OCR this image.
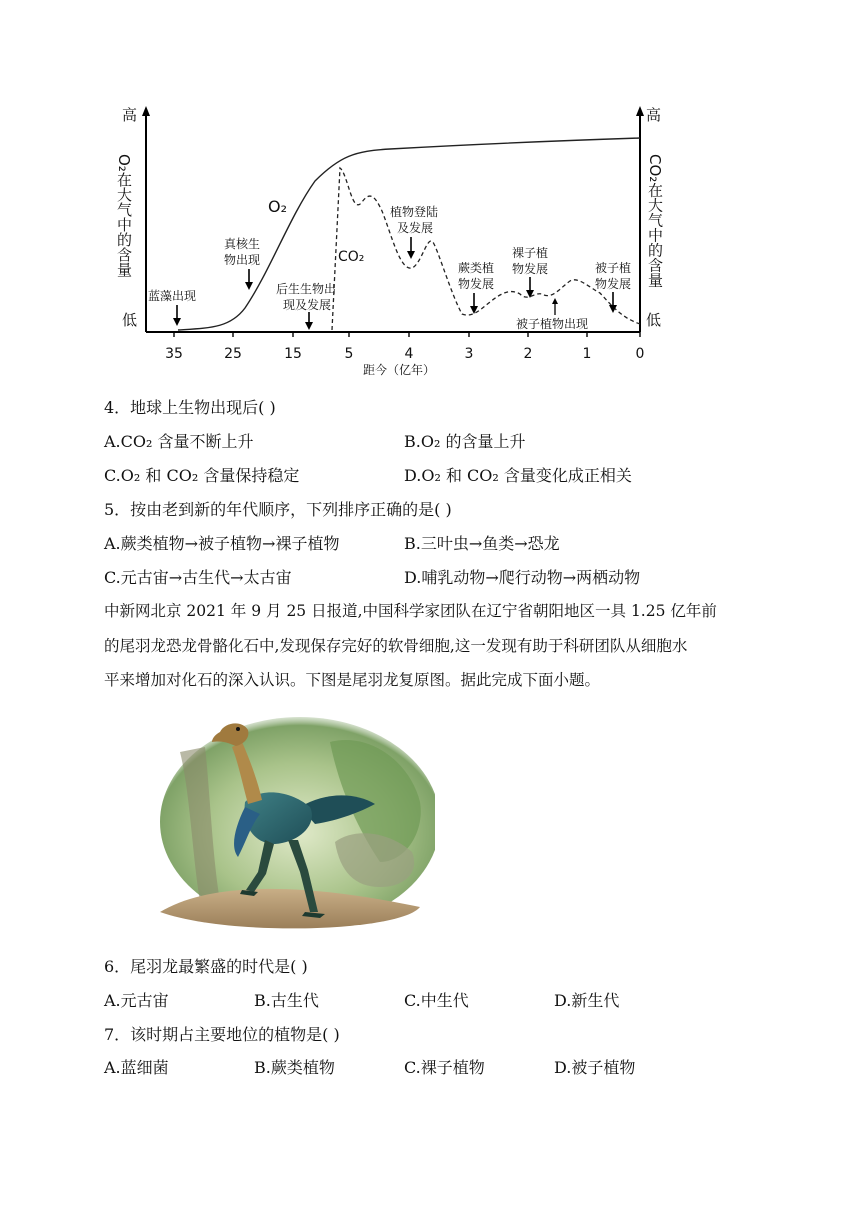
高
低
高
低
O₂在大气中的含量	CO₂在大气中的含量
35	25	15	5	4	3	2	1	0
O₂
CO₂
蓝藻出现
真核生
物出现
后生生物出
现及发展
植物登陆
及发展
蕨类植
物发展
裸子植
物发展	被子植
物发展
被子植物出现
距今（亿年）
4．地球上生物出现后( )
A.CO₂ 含量不断上升	B.O₂ 的含量上升
C.O₂ 和 CO₂ 含量保持稳定	D.O₂ 和 CO₂ 含量变化成正相关
5．按由老到新的年代顺序，下列排序正确的是( )
A.蕨类植物→被子植物→裸子植物	B.三叶虫→鱼类→恐龙
C.元古宙→古生代→太古宙	D.哺乳动物→爬行动物→两栖动物
中新网北京 2021 年 9 月 25 日报道,中国科学家团队在辽宁省朝阳地区一具 1.25 亿年前
的尾羽龙恐龙骨骼化石中,发现保存完好的软骨细胞,这一发现有助于科研团队从细胞水
平来增加对化石的深入认识。下图是尾羽龙复原图。据此完成下面小题。
6．尾羽龙最繁盛的时代是( )
A.元古宙	B.古生代	C.中生代	D.新生代
7．该时期占主要地位的植物是( )
A.蓝细菌	B.蕨类植物	C.裸子植物	D.被子植物
